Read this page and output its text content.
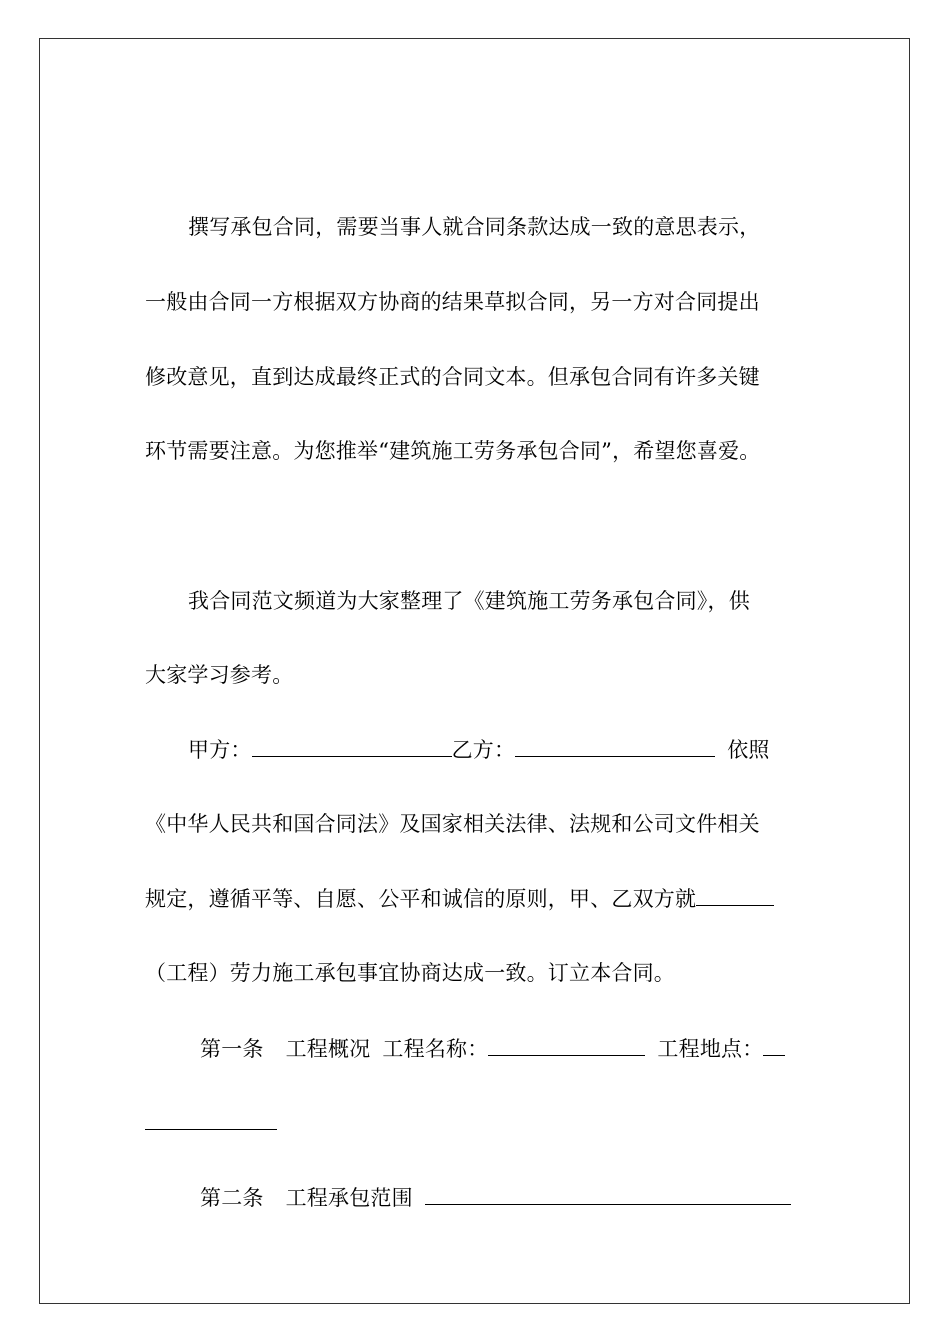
撰写承包合同，需要当事人就合同条款达成一致的意思表示，
一般由合同一方根据双方协商的结果草拟合同，另一方对合同提出
修改意见，直到达成最终正式的合同文本。但承包合同有许多关键
环节需要注意。为您推举“建筑施工劳务承包合同”，希望您喜爱。
我合同范文频道为大家整理了《建筑施工劳务承包合同》，供
大家学习参考。
甲方：	乙方：	依照
《中华人民共和国合同法》及国家相关法律、法规和公司文件相关
规定，遵循平等、自愿、公平和诚信的原则，甲、乙双方就
（工程）劳力施工承包事宜协商达成一致。订立本合同。
第一条 工程概况 工程名称：	工程地点：
第二条 工程承包范围
